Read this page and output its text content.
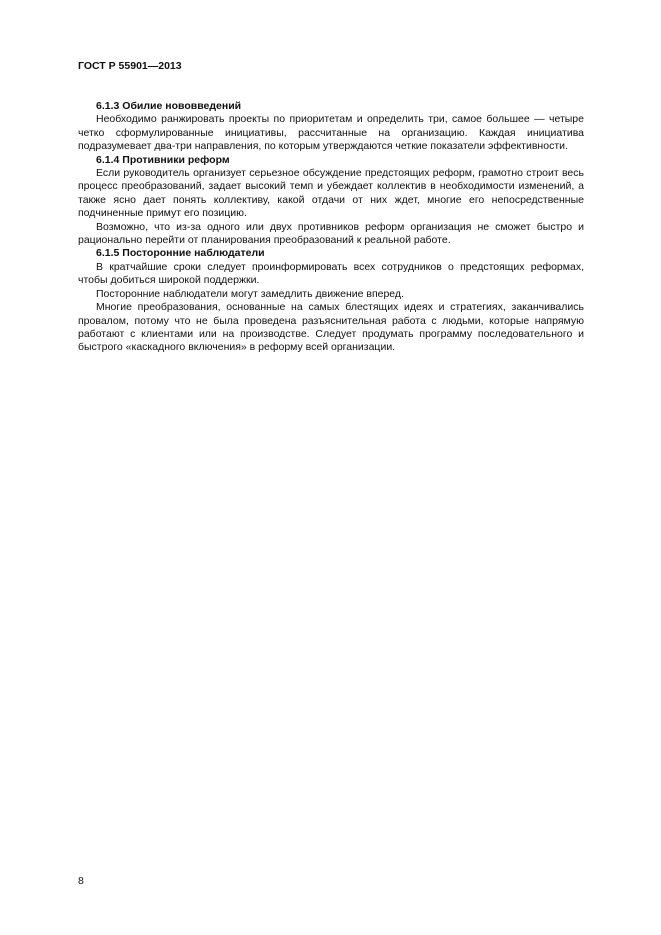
ГОСТ Р 55901—2013
6.1.3 Обилие нововведений

Необходимо ранжировать проекты по приоритетам и определить три, самое большее — четыре четко сформулированные инициативы, рассчитанные на организацию. Каждая инициатива подразумевает два-три направления, по которым утверждаются четкие показатели эффективности.

6.1.4 Противники реформ

Если руководитель организует серьезное обсуждение предстоящих реформ, грамотно строит весь процесс преобразований, задает высокий темп и убеждает коллектив в необходимости изменений, а также ясно дает понять коллективу, какой отдачи от них ждет, многие его непосредственные подчиненные примут его позицию.

Возможно, что из-за одного или двух противников реформ организация не сможет быстро и рационально перейти от планирования преобразований к реальной работе.

6.1.5 Посторонние наблюдатели

В кратчайшие сроки следует проинформировать всех сотрудников о предстоящих реформах, чтобы добиться широкой поддержки.

Посторонние наблюдатели могут замедлить движение вперед.

Многие преобразования, основанные на самых блестящих идеях и стратегиях, заканчивались провалом, потому что не была проведена разъяснительная работа с людьми, которые напрямую работают с клиентами или на производстве. Следует продумать программу последовательного и быстрого «каскадного включения» в реформу всей организации.

8
